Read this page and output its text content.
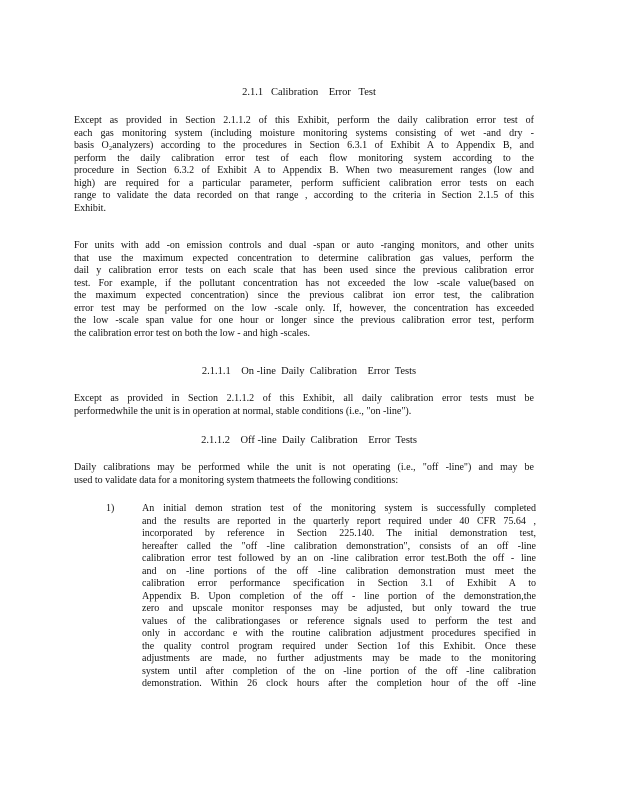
2.1.1   Calibration    Error   Test
Except as provided in Section 2.1.1.2 of this Exhibit, perform the daily calibration error test of
each gas monitoring system (including moisture monitoring systems consisting of wet -and dry -
basis O₂analyzers) according to the procedures in Section 6.3.1 of Exhibit A to Appendix B, and
perform the daily calibration error test of each flow monitoring system according to the
procedure in Section 6.3.2 of Exhibit A to Appendix B. When two measurement ranges (low and
high) are required for a particular parameter, perform sufficient calibration error tests on each
range to validate the data recorded on that range , according to the criteria in Section 2.1.5 of this
Exhibit.
For units with add -on emission controls and dual -span or auto -ranging monitors, and other units
that use the maximum expected concentration to determine calibration gas values, perform the
dail y calibration error tests on each scale that has been used since the previous calibration error
test. For example, if the pollutant concentration has not exceeded the low -scale value(based on
the maximum expected concentration) since the previous calibrat ion error test, the calibration
error test may be performed on the low -scale only. If, however, the concentration has exceeded
the low -scale span value for one hour or longer since the previous calibration error test, perform
the calibration error test on both the low - and high -scales.
2.1.1.1    On -line  Daily  Calibration    Error  Tests
Except as provided in Section 2.1.1.2 of this Exhibit, all daily calibration error tests must be
performedwhile the unit is in operation at normal, stable conditions (i.e., "on -line").
2.1.1.2    Off -line  Daily  Calibration    Error  Tests
Daily calibrations may be performed while the unit is not operating (i.e., "off -line") and may be
used to validate data for a monitoring system thatmeets the following conditions:
1)	An initial demon stration test of the monitoring system is successfully completed
and the results are reported in the quarterly report required under 40 CFR 75.64 ,
incorporated by reference in Section 225.140. The initial demonstration test,
hereafter called the "off -line calibration demonstration", consists of an off -line
calibration error test followed by an on -line calibration error test.Both the off - line
and on -line portions of the off -line calibration demonstration must meet the
calibration error performance specification in Section 3.1 of Exhibit A to
Appendix B. Upon completion of the off - line portion of the demonstration,the
zero and upscale monitor responses may be adjusted, but only toward the true
values of the calibrationgases or reference signals used to perform the test and
only in accordanc e with the routine calibration adjustment procedures specified in
the quality control program required under Section 1of this Exhibit. Once these
adjustments are made, no further adjustments may be made to the monitoring
system until after completion of the on -line portion of the off -line calibration
demonstration. Within 26 clock hours after the completion hour of the off -line
